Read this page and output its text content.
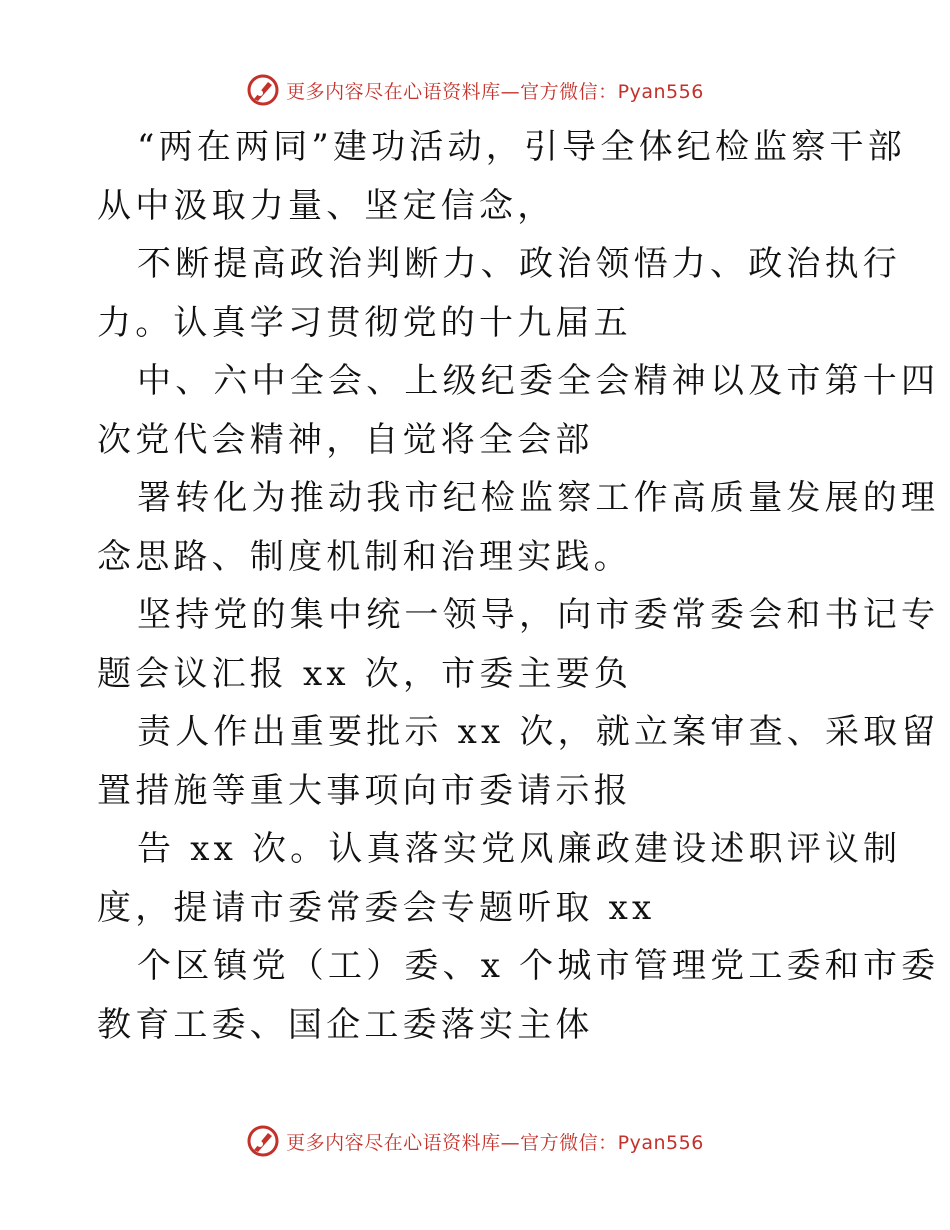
更多内容尽在心语资料库—官方微信：Pyan556
“两在两同”建功活动，引导全体纪检监察干部
从中汲取力量、坚定信念，
不断提高政治判断力、政治领悟力、政治执行
力。认真学习贯彻党的十九届五
中、六中全会、上级纪委全会精神以及市第十四
次党代会精神，自觉将全会部
署转化为推动我市纪检监察工作高质量发展的理
念思路、制度机制和治理实践。
坚持党的集中统一领导，向市委常委会和书记专
题会议汇报 xx 次，市委主要负
责人作出重要批示 xx 次，就立案审查、采取留
置措施等重大事项向市委请示报
告 xx 次。认真落实党风廉政建设述职评议制
度，提请市委常委会专题听取 xx
个区镇党（工）委、x 个城市管理党工委和市委
教育工委、国企工委落实主体
更多内容尽在心语资料库—官方微信：Pyan556
